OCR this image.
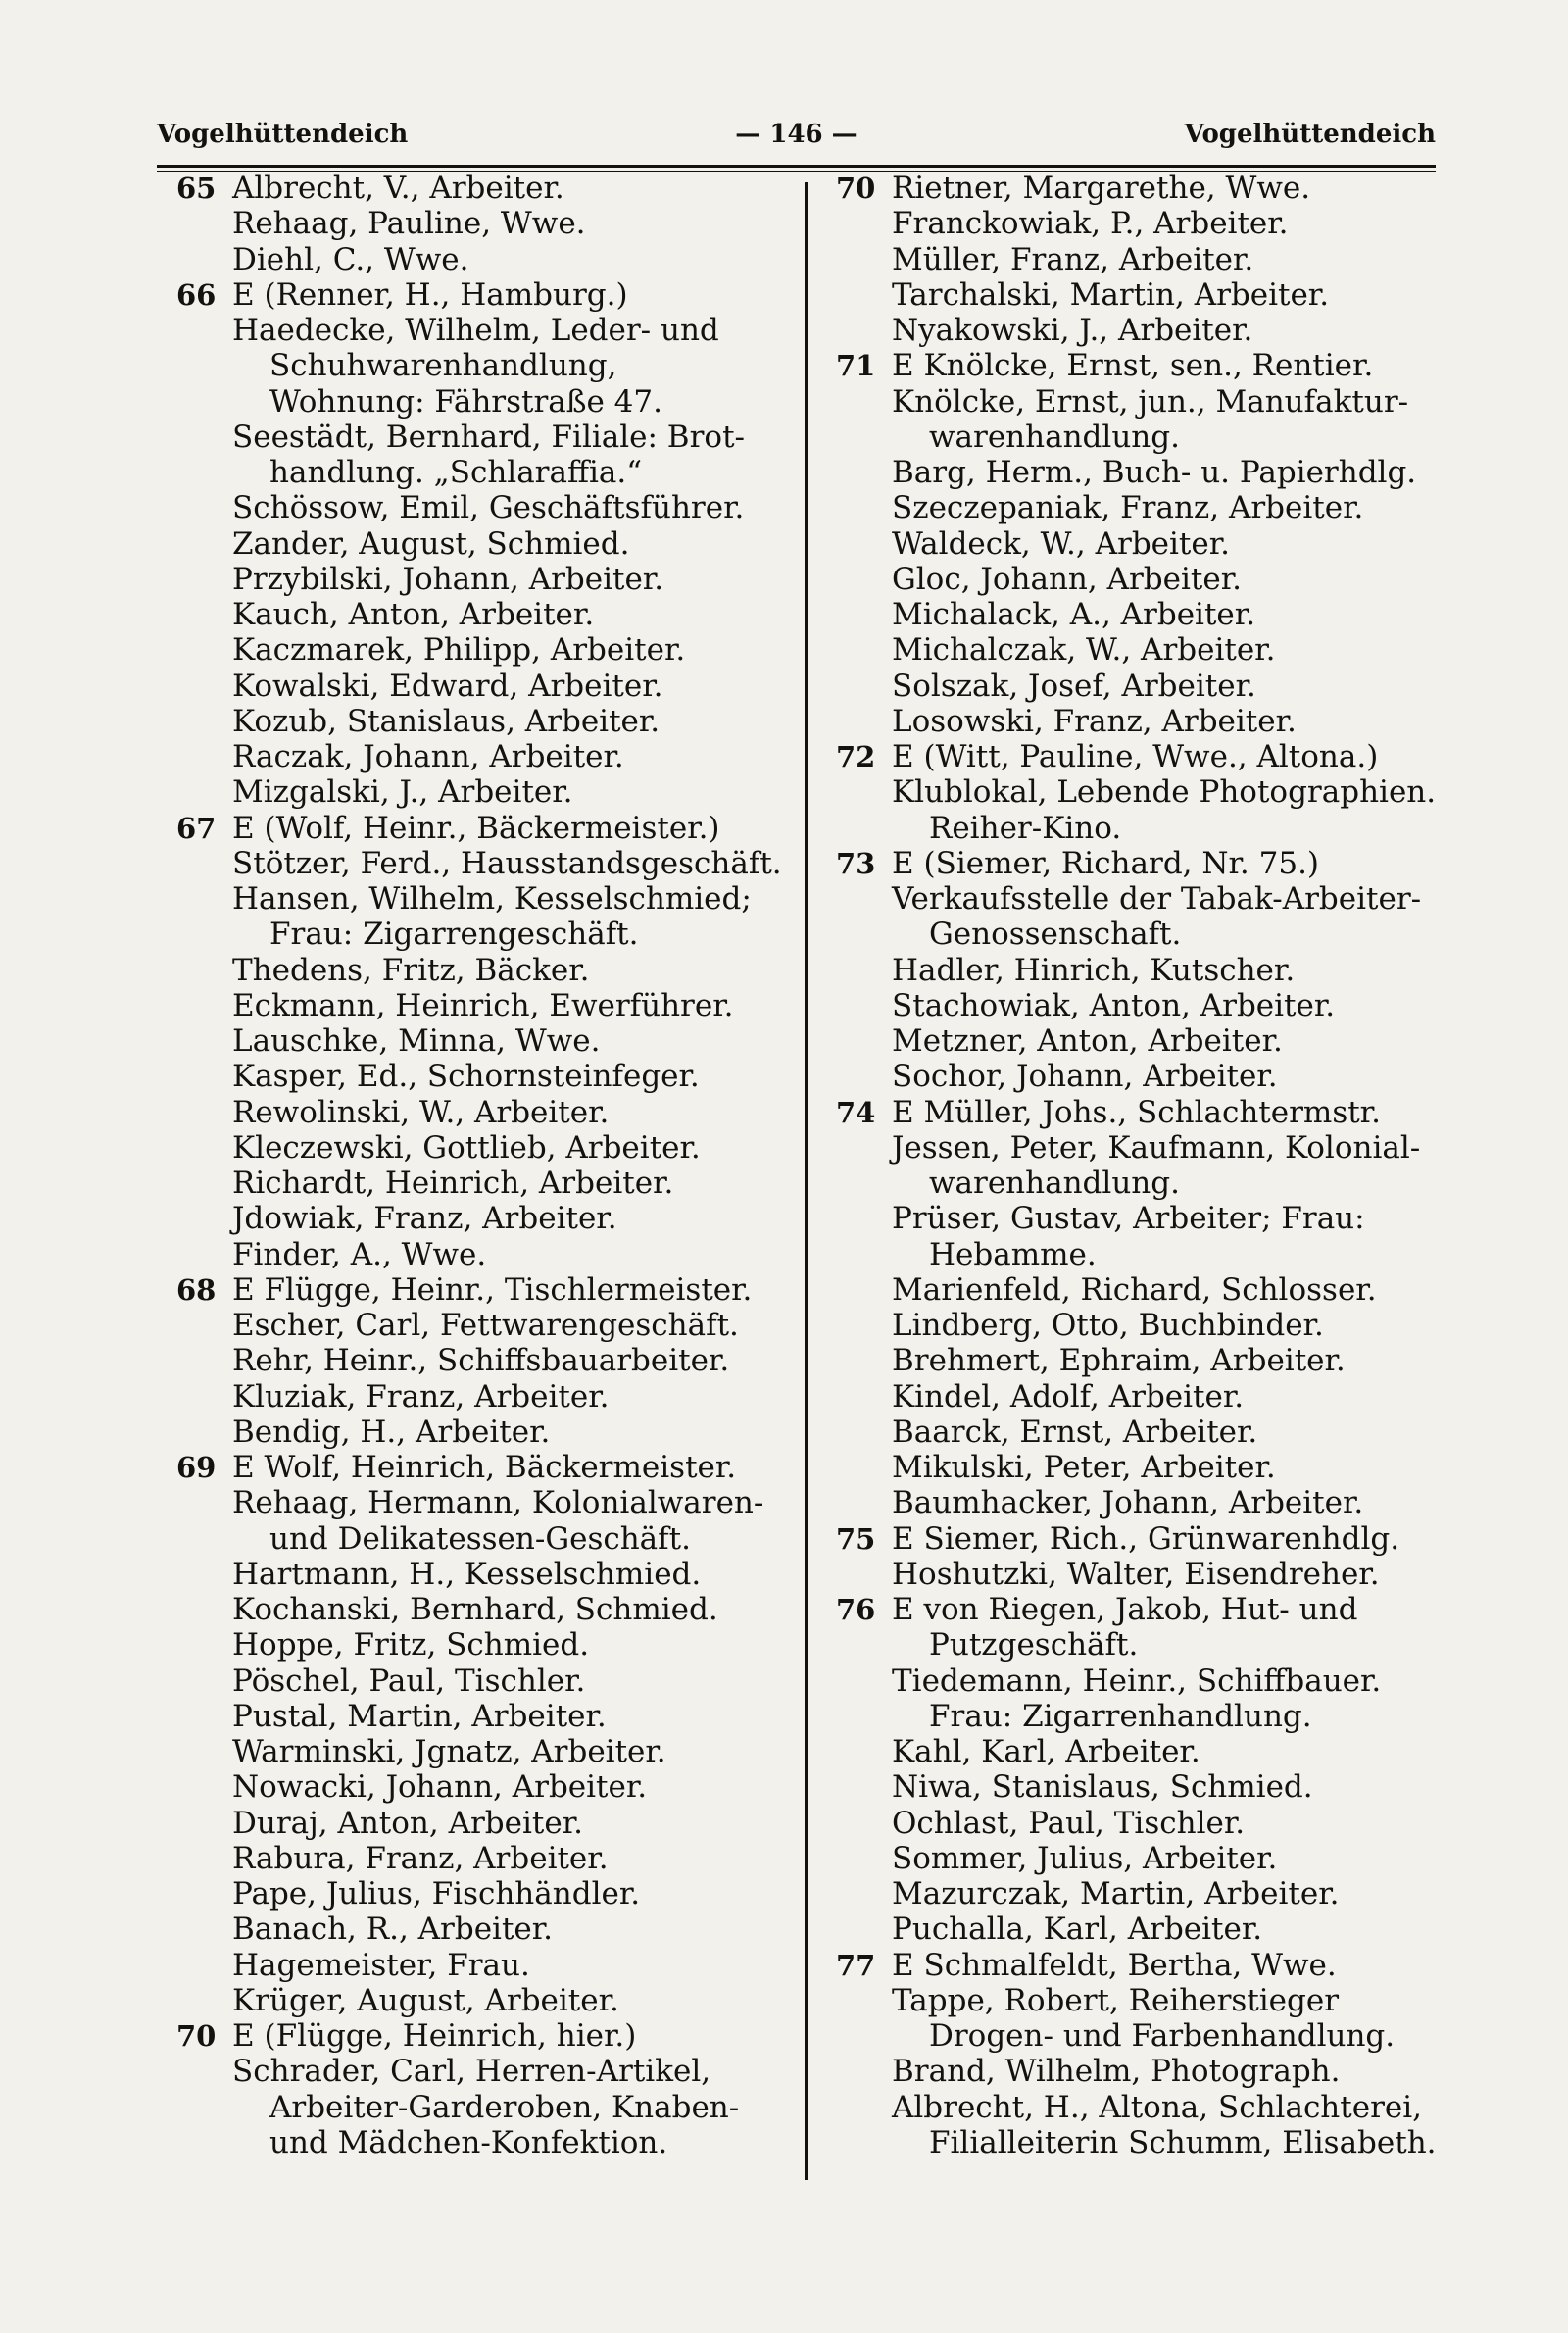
Vogelhüttendeich	— 146 —	Vogelhüttendeich
65 Albrecht, V., Arbeiter.
Rehaag, Pauline, Wwe.
Diehl, C., Wwe.
66 E (Renner, H., Hamburg.)
Haedecke, Wilhelm, Leder- und
Schuhwarenhandlung,
Wohnung: Fährstraße 47.
Seestädt, Bernhard, Filiale: Brot-
handlung. „Schlaraffia.“
Schössow, Emil, Geschäftsführer.
Zander, August, Schmied.
Przybilski, Johann, Arbeiter.
Kauch, Anton, Arbeiter.
Kaczmarek, Philipp, Arbeiter.
Kowalski, Edward, Arbeiter.
Kozub, Stanislaus, Arbeiter.
Raczak, Johann, Arbeiter.
Mizgalski, J., Arbeiter.
67 E (Wolf, Heinr., Bäckermeister.)
Stötzer, Ferd., Hausstandsgeschäft.
Hansen, Wilhelm, Kesselschmied;
Frau: Zigarrengeschäft.
Thedens, Fritz, Bäcker.
Eckmann, Heinrich, Ewerführer.
Lauschke, Minna, Wwe.
Kasper, Ed., Schornsteinfeger.
Rewolinski, W., Arbeiter.
Kleczewski, Gottlieb, Arbeiter.
Richardt, Heinrich, Arbeiter.
Jdowiak, Franz, Arbeiter.
Finder, A., Wwe.
68 E Flügge, Heinr., Tischlermeister.
Escher, Carl, Fettwarengeschäft.
Rehr, Heinr., Schiffsbauarbeiter.
Kluziak, Franz, Arbeiter.
Bendig, H., Arbeiter.
69 E Wolf, Heinrich, Bäckermeister.
Rehaag, Hermann, Kolonialwaren-
und Delikatessen-Geschäft.
Hartmann, H., Kesselschmied.
Kochanski, Bernhard, Schmied.
Hoppe, Fritz, Schmied.
Pöschel, Paul, Tischler.
Pustal, Martin, Arbeiter.
Warminski, Jgnatz, Arbeiter.
Nowacki, Johann, Arbeiter.
Duraj, Anton, Arbeiter.
Rabura, Franz, Arbeiter.
Pape, Julius, Fischhändler.
Banach, R., Arbeiter.
Hagemeister, Frau.
Krüger, August, Arbeiter.
70 E (Flügge, Heinrich, hier.)
Schrader, Carl, Herren-Artikel,
Arbeiter-Garderoben, Knaben-
und Mädchen-Konfektion.
70 Rietner, Margarethe, Wwe.
Franckowiak, P., Arbeiter.
Müller, Franz, Arbeiter.
Tarchalski, Martin, Arbeiter.
Nyakowski, J., Arbeiter.
71 E Knölcke, Ernst, sen., Rentier.
Knölcke, Ernst, jun., Manufaktur-
warenhandlung.
Barg, Herm., Buch- u. Papierhdlg.
Szeczepaniak, Franz, Arbeiter.
Waldeck, W., Arbeiter.
Gloc, Johann, Arbeiter.
Michalack, A., Arbeiter.
Michalczak, W., Arbeiter.
Solszak, Josef, Arbeiter.
Losowski, Franz, Arbeiter.
72 E (Witt, Pauline, Wwe., Altona.)
Klublokal, Lebende Photographien.
Reiher-Kino.
73 E (Siemer, Richard, Nr. 75.)
Verkaufsstelle der Tabak-Arbeiter-
Genossenschaft.
Hadler, Hinrich, Kutscher.
Stachowiak, Anton, Arbeiter.
Metzner, Anton, Arbeiter.
Sochor, Johann, Arbeiter.
74 E Müller, Johs., Schlachtermstr.
Jessen, Peter, Kaufmann, Kolonial-
warenhandlung.
Prüser, Gustav, Arbeiter; Frau:
Hebamme.
Marienfeld, Richard, Schlosser.
Lindberg, Otto, Buchbinder.
Brehmert, Ephraim, Arbeiter.
Kindel, Adolf, Arbeiter.
Baarck, Ernst, Arbeiter.
Mikulski, Peter, Arbeiter.
Baumhacker, Johann, Arbeiter.
75 E Siemer, Rich., Grünwarenhdlg.
Hoshutzki, Walter, Eisendreher.
76 E von Riegen, Jakob, Hut- und
Putzgeschäft.
Tiedemann, Heinr., Schiffbauer.
Frau: Zigarrenhandlung.
Kahl, Karl, Arbeiter.
Niwa, Stanislaus, Schmied.
Ochlast, Paul, Tischler.
Sommer, Julius, Arbeiter.
Mazurczak, Martin, Arbeiter.
Puchalla, Karl, Arbeiter.
77 E Schmalfeldt, Bertha, Wwe.
Tappe, Robert, Reiherstieger
Drogen- und Farbenhandlung.
Brand, Wilhelm, Photograph.
Albrecht, H., Altona, Schlachterei,
Filialleiterin Schumm, Elisabeth.
